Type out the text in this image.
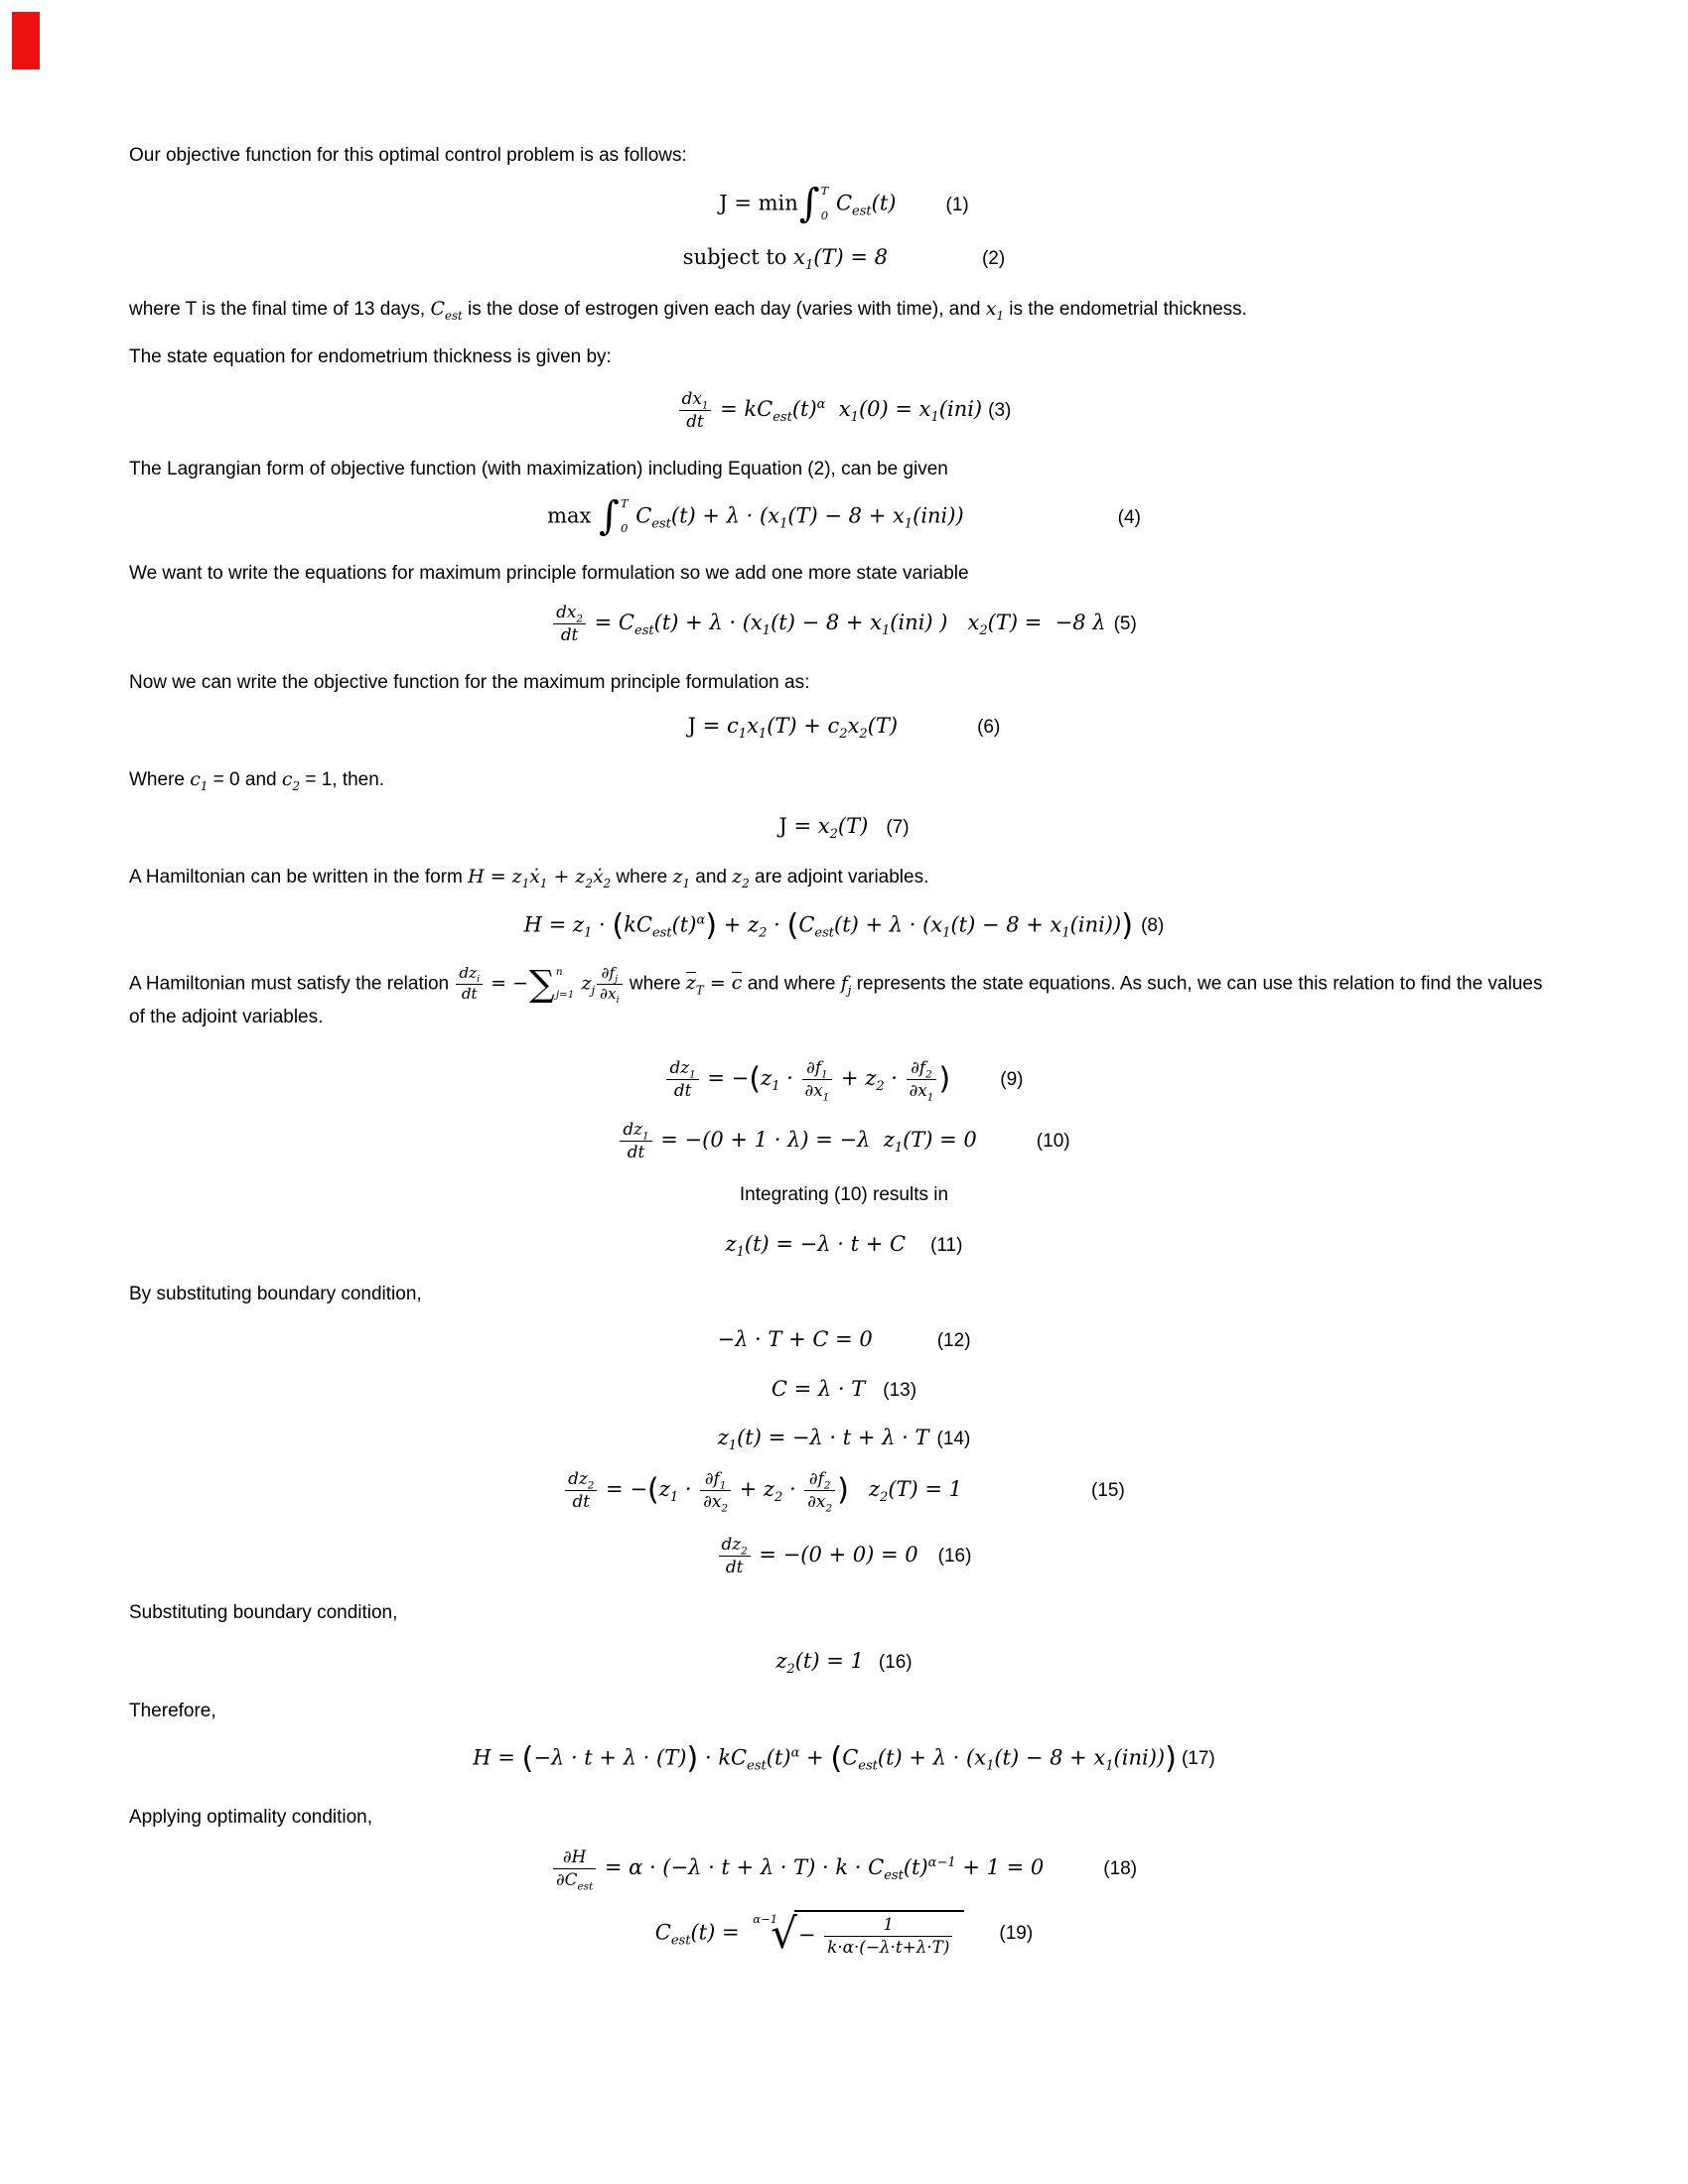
Our objective function for this optimal control problem is as follows:
J = min ∫ T
0
$C_{est}(t)$	(1)
subject to $x_1(T) = 8$	(2)
where T is the final time of 13 days, $C_{est}$ is the dose of estrogen given each day (varies with time), and $x_1$ is the endometrial thickness.
The state equation for endometrium thickness is given by:
$\frac{dx_1}{dt} = kC_{est}(t)^\alpha$  $x_1(0) = x_1(ini)$ (3)
The Lagrangian form of objective function (with maximization) including Equation (2), can be given
max ∫ T
0
$C_{est}(t) + \lambda \cdot (x_1(T) - 8 + x_1(ini))$	(4)
We want to write the equations for maximum principle formulation so we add one more state variable
$\frac{dx_2}{dt} = C_{est}(t) + \lambda \cdot (x_1(t) - 8 + x_1(ini)$ )   $x_2(T) = -8$ λ (5)
Now we can write the objective function for the maximum principle formulation as:
$J = c_1x_1(T) + c_2x_2(T)$	(6)
Where $c_1 = 0$ and $c_2 = 1$, then.
$J = x_2(T)$ (7)
A Hamiltonian can be written in the form $H = z_1ẋ_1$ + $z_2ẋ_2$ where $z_1$ and $z_2$ are adjoint variables.
$H = z_1 \cdot (kC_{est}(t)^\alpha) + z_2 \cdot (C_{est}(t) + \lambda \cdot (x_1(t) - 8 + x_1(ini)))$ (8)
A Hamiltonian must satisfy the relation $\frac{dz_i}{dt}$ = − ∑ n
j=1
$z_j \frac{\partial f_j}{\partial x_i}$ where $z_T = c$ and where $f_j$ represents the state equations. As such, we can use this relation to find the values of the adjoint variables.
$\frac{dz_1}{dt} = -(z_1 \cdot \frac{\partial f_1}{\partial x_1} + z_2 \cdot \frac{\partial f_2}{\partial x_1}$ )	(9)
$\frac{dz_1}{dt} = -(0 + 1 \cdot \lambda) = -\lambda$  $z_1(T) = 0$	(10)
Integrating (10) results in
$z_1(t) = -\lambda \cdot t + C$ (11)
By substituting boundary condition,
−λ · T + C = 0	(12)
C = λ · T (13)
$z_1(t) = -\lambda \cdot t + \lambda \cdot T$ (14)
$\frac{dz_2}{dt} = -(z_1 \cdot \frac{\partial f_1}{\partial x_2} + z_2 \cdot \frac{\partial f_2}{\partial x_2}$ )   $z_2(T) = 1$	(15)
$\frac{dz_2}{dt} = -(0 + 0) = 0$ (16)
Substituting boundary condition,
$z_2(t) = 1$ (16)
Therefore,
$H = (-\lambda \cdot t + \lambda \cdot (T)) \cdot kC_{est}(t)^\alpha + (C_{est}(t) + \lambda \cdot (x_1(t) - 8 + x_1(ini)))$ (17)
Applying optimality condition,
$\frac{\partial H}{\partial C_{est}} = \alpha \cdot (-\lambda \cdot t + \lambda \cdot T) \cdot k \cdot C_{est}(t)^{\alpha-1} + 1 = 0$	(18)
$C_{est}(t)$ =
α−1
√ − $\frac{1}{k\cdot\alpha\cdot(-\lambda\cdot t+\lambda\cdot T)} (19)$
